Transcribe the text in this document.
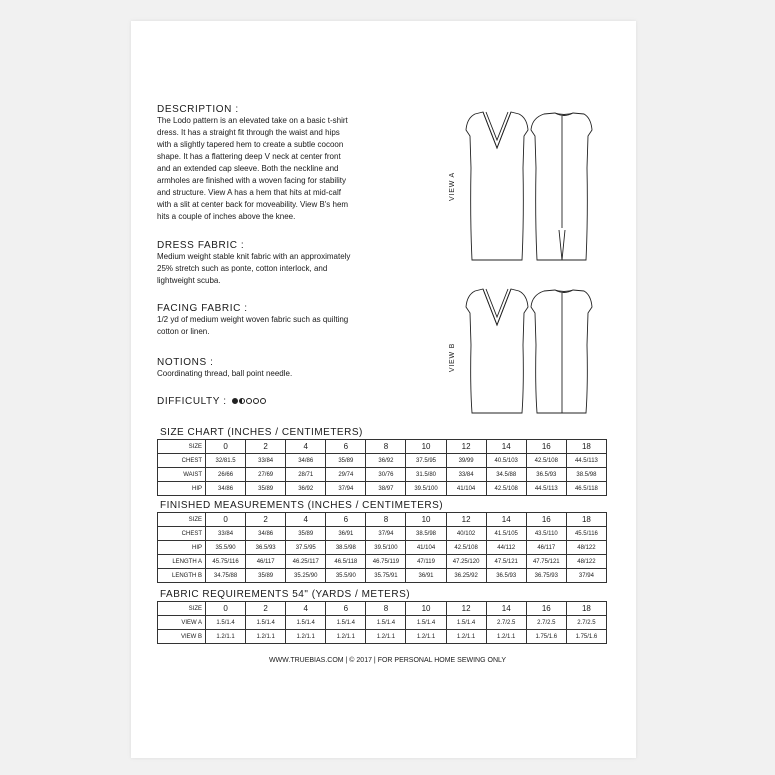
DESCRIPTION :

The Lodo pattern is an elevated take on a basic t-shirt

dress. It has a straight fit through the waist and hips

with a slightly tapered hem to create a subtle cocoon

shape. It has a flattering deep V neck at center front

and an extended cap sleeve. Both the neckline and

armholes are finished with a woven facing for stability

and structure. View A has a hem that hits at mid-calf

with a slit at center back for moveability. View B's hem

hits a couple of inches above the knee.

DRESS FABRIC :

Medium weight stable knit fabric with an approximately

25% stretch such as ponte, cotton interlock, and

lightweight scuba.

FACING FABRIC :

1/2 yd of medium weight woven fabric such as quilting

cotton or linen.

NOTIONS :

Coordinating thread, ball point needle.

DIFFICULTY :
VIEW A
VIEW B

SIZE CHART (INCHES / CENTIMETERS)

SIZE	0	2	4	6	8	10	12	14	16	18
CHEST	32/81.5	33/84	34/86	35/89	36/92	37.5/95	39/99	40.5/103	42.5/108	44.5/113
WAIST	26/66	27/69	28/71	29/74	30/76	31.5/80	33/84	34.5/88	36.5/93	38.5/98
HIP	34/86	35/89	36/92	37/94	38/97	39.5/100	41/104	42.5/108	44.5/113	46.5/118

FINISHED MEASUREMENTS (INCHES / CENTIMETERS)

SIZE	0	2	4	6	8	10	12	14	16	18
CHEST	33/84	34/86	35/89	36/91	37/94	38.5/98	40/102	41.5/105	43.5/110	45.5/116
HIP	35.5/90	36.5/93	37.5/95	38.5/98	39.5/100	41/104	42.5/108	44/112	46/117	48/122
LENGTH A	45.75/116	46/117	46.25/117	46.5/118	46.75/119	47/119	47.25/120	47.5/121	47.75/121	48/122
LENGTH B	34.75/88	35/89	35.25/90	35.5/90	35.75/91	36/91	36.25/92	36.5/93	36.75/93	37/94

FABRIC REQUIREMENTS 54" (YARDS / METERS)

SIZE	0	2	4	6	8	10	12	14	16	18
VIEW A	1.5/1.4	1.5/1.4	1.5/1.4	1.5/1.4	1.5/1.4	1.5/1.4	1.5/1.4	2.7/2.5	2.7/2.5	2.7/2.5
VIEW B	1.2/1.1	1.2/1.1	1.2/1.1	1.2/1.1	1.2/1.1	1.2/1.1	1.2/1.1	1.2/1.1	1.75/1.6	1.75/1.6
WWW.TRUEBIAS.COM | © 2017 | FOR PERSONAL HOME SEWING ONLY
